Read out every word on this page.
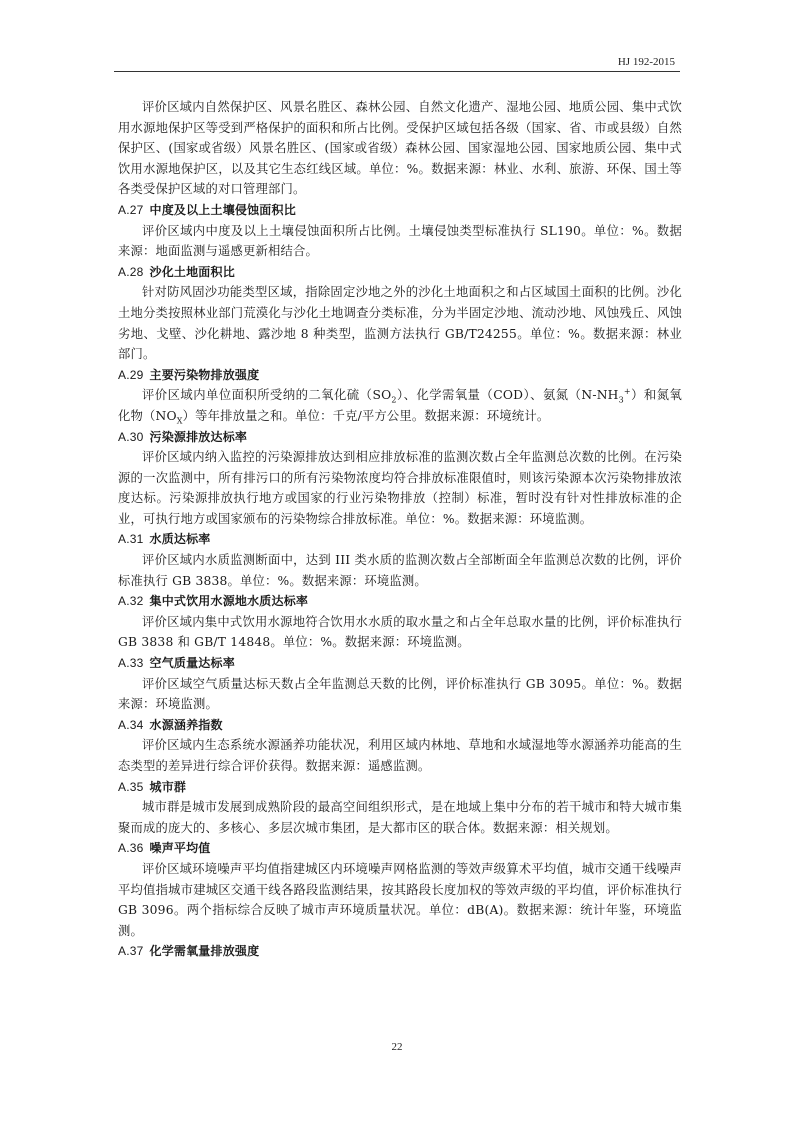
HJ 192-2015

评价区域内自然保护区、风景名胜区、森林公园、自然文化遗产、湿地公园、地质公园、集中式饮用水源地保护区等受到严格保护的面积和所占比例。受保护区域包括各级（国家、省、市或县级）自然保护区、(国家或省级）风景名胜区、(国家或省级）森林公园、国家湿地公园、国家地质公园、集中式饮用水源地保护区，以及其它生态红线区域。单位：%。数据来源：林业、水利、旅游、环保、国土等各类受保护区域的对口管理部门。

A.27 中度及以上土壤侵蚀面积比

评价区域内中度及以上土壤侵蚀面积所占比例。土壤侵蚀类型标准执行 SL190。单位：%。数据来源：地面监测与遥感更新相结合。

A.28 沙化土地面积比

针对防风固沙功能类型区域，指除固定沙地之外的沙化土地面积之和占区域国土面积的比例。沙化土地分类按照林业部门荒漠化与沙化土地调查分类标准，分为半固定沙地、流动沙地、风蚀残丘、风蚀劣地、戈壁、沙化耕地、露沙地 8 种类型，监测方法执行 GB/T24255。单位：%。数据来源：林业部门。

A.29 主要污染物排放强度

评价区域内单位面积所受纳的二氧化硫$(SO_2)$、化学需氧量（COD）、氨氮$(N-NH_3^+)$和氮氧化物$(NO_X)$等年排放量之和。单位：千克/平方公里。数据来源：环境统计。

A.30 污染源排放达标率

评价区域内纳入监控的污染源排放达到相应排放标准的监测次数占全年监测总次数的比例。在污染源的一次监测中，所有排污口的所有污染物浓度均符合排放标准限值时，则该污染源本次污染物排放浓度达标。污染源排放执行地方或国家的行业污染物排放（控制）标准，暂时没有针对性排放标准的企业，可执行地方或国家颁布的污染物综合排放标准。单位：%。数据来源：环境监测。

A.31 水质达标率

评价区域内水质监测断面中，达到 III 类水质的监测次数占全部断面全年监测总次数的比例，评价标准执行 GB 3838。单位：%。数据来源：环境监测。

A.32 集中式饮用水源地水质达标率

评价区域内集中式饮用水源地符合饮用水水质的取水量之和占全年总取水量的比例，评价标准执行 GB 3838 和 GB/T 14848。单位：%。数据来源：环境监测。

A.33 空气质量达标率

评价区域空气质量达标天数占全年监测总天数的比例，评价标准执行 GB 3095。单位：%。数据来源：环境监测。

A.34 水源涵养指数

评价区域内生态系统水源涵养功能状况，利用区域内林地、草地和水域湿地等水源涵养功能高的生态类型的差异进行综合评价获得。数据来源：遥感监测。

A.35 城市群

城市群是城市发展到成熟阶段的最高空间组织形式，是在地域上集中分布的若干城市和特大城市集聚而成的庞大的、多核心、多层次城市集团，是大都市区的联合体。数据来源：相关规划。

A.36 噪声平均值

评价区域环境噪声平均值指建城区内环境噪声网格监测的等效声级算术平均值，城市交通干线噪声平均值指城市建城区交通干线各路段监测结果，按其路段长度加权的等效声级的平均值，评价标准执行 GB 3096。两个指标综合反映了城市声环境质量状况。单位：dB(A)。数据来源：统计年鉴，环境监测。

A.37 化学需氧量排放强度
22
